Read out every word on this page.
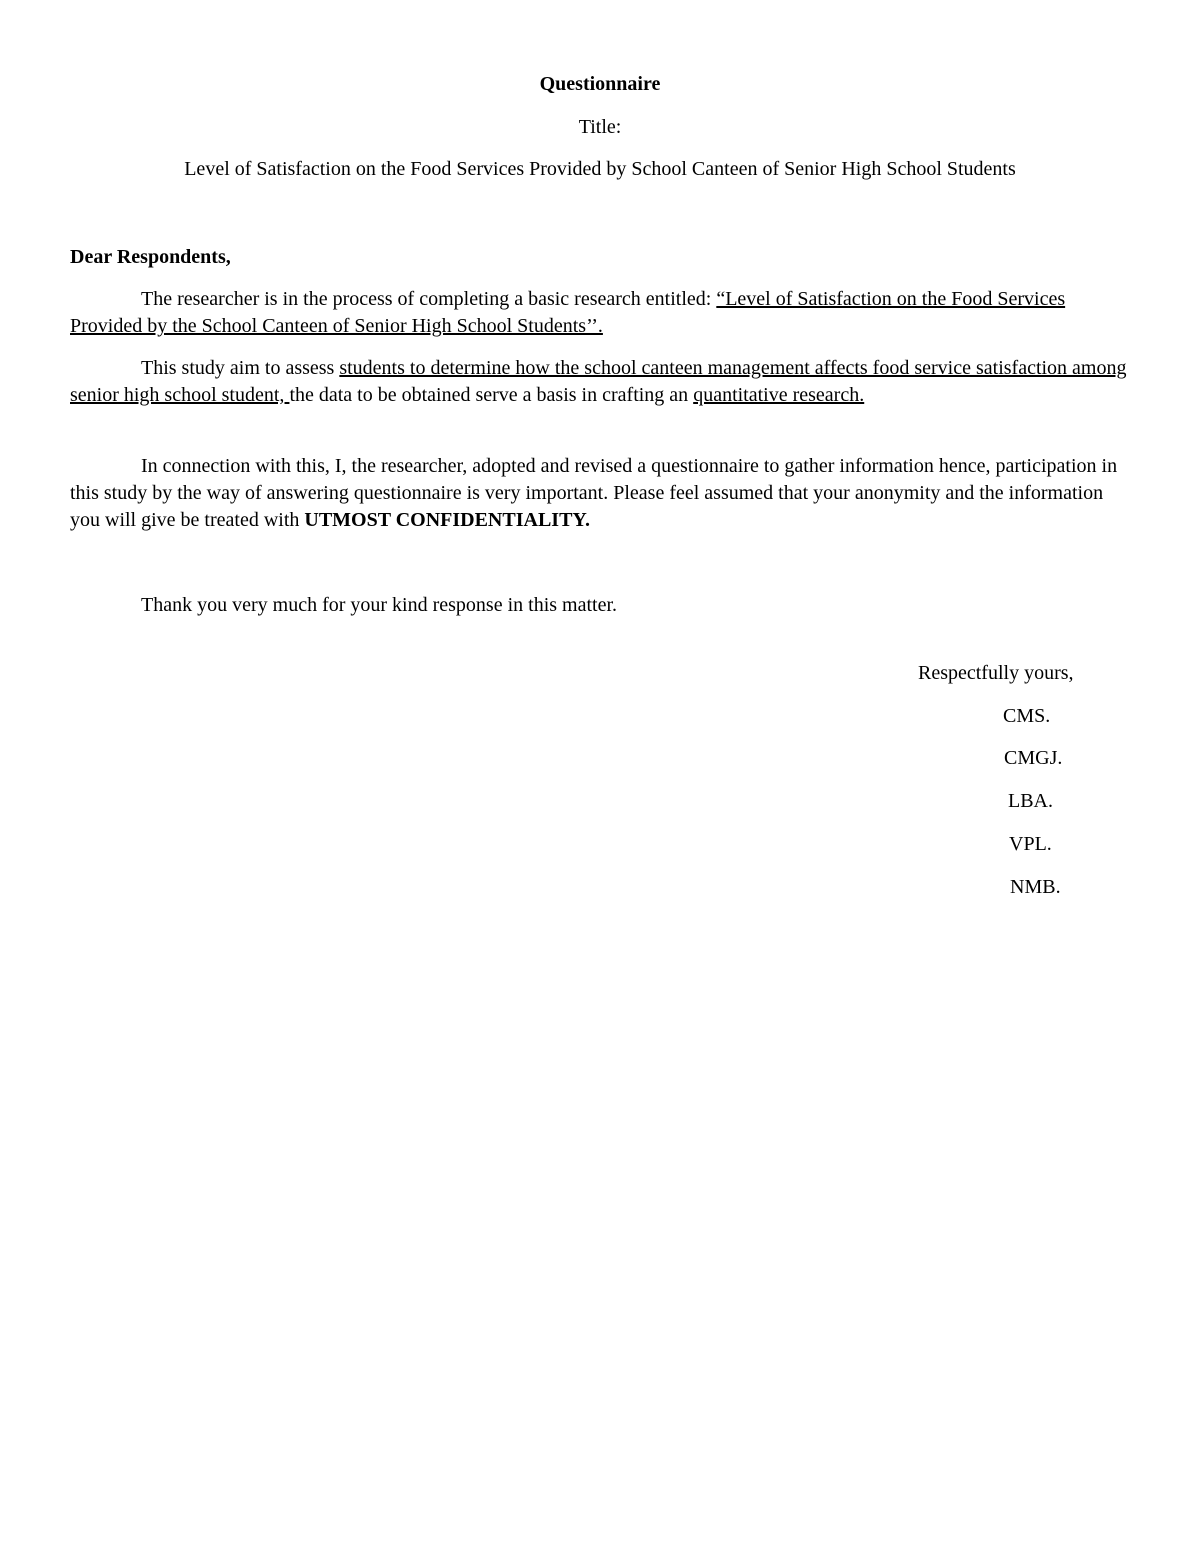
Questionnaire
Title:
Level of Satisfaction on the Food Services Provided by School Canteen of Senior High School Students
Dear Respondents,

The researcher is in the process of completing a basic research entitled: “Level of Satisfaction on the Food Services Provided by the School Canteen of Senior High School Students’’.

This study aim to assess students to determine how the school canteen management affects food service satisfaction among senior high school student, the data to be obtained serve a basis in crafting an quantitative research.

In connection with this, I, the researcher, adopted and revised a questionnaire to gather information hence, participation in this study by the way of answering questionnaire is very important. Please feel assumed that your anonymity and the information you will give be treated with UTMOST CONFIDENTIALITY.

Thank you very much for your kind response in this matter.

Respectfully yours,
CMS.
CMGJ.
LBA.
VPL.
NMB.
